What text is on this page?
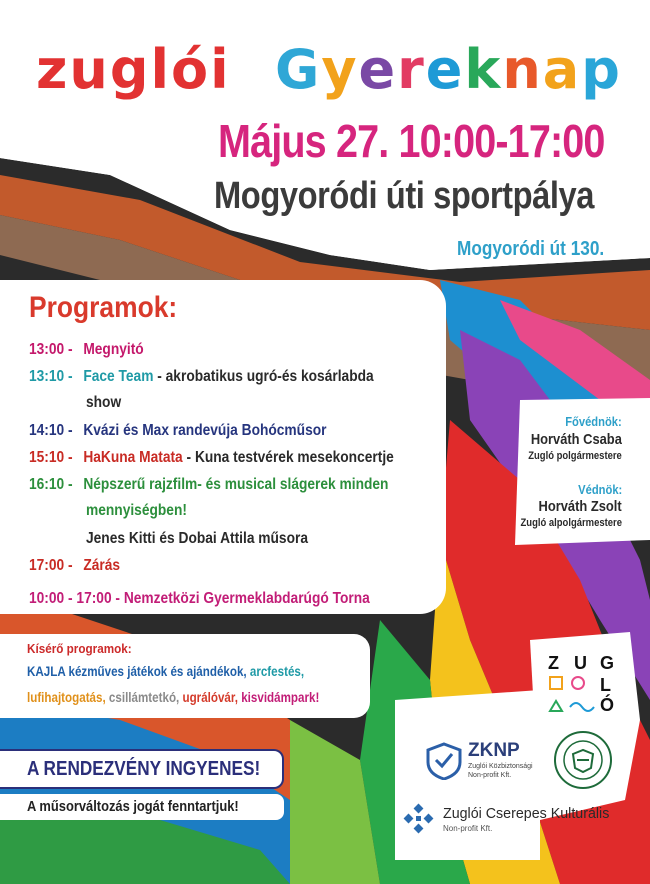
zuglói Gyereknap
Május 27. 10:00-17:00
Mogyoródi úti sportpálya
Mogyoródi út 130.
Programok:
13:00 - Megnyitó
13:10 - Face Team - akrobatikus ugró-és kosárlabda
show
14:10 - Kvázi és Max randevúja Bohócműsor
15:10 - HaKuna Matata - Kuna testvérek mesekoncertje
16:10 - Népszerű rajzfilm- és musical slágerek minden
mennyiségben!
Jenes Kitti és Dobai Attila műsora
17:00 - Zárás
10:00 - 17:00 - Nemzetközi Gyermeklabdarúgó Torna
Fővédnök:
Horváth Csaba
Zugló polgármestere
Védnök:
Horváth Zsolt
Zugló alpolgármestere
Kísérő programok:
KAJLA kézműves játékok és ajándékok, arcfestés,
lufihajtogatás, csillámtetkó, ugrálóvár, kisvidámpark!
A RENDEZVÉNY INGYENES!
A műsorváltozás jogát fenntartjuk!
Z U G
L
Ó
ZKNP
Zuglói Közbiztonsági
Non-profit Kft.
Zuglói Cserepes Kulturális
Non-profit Kft.
